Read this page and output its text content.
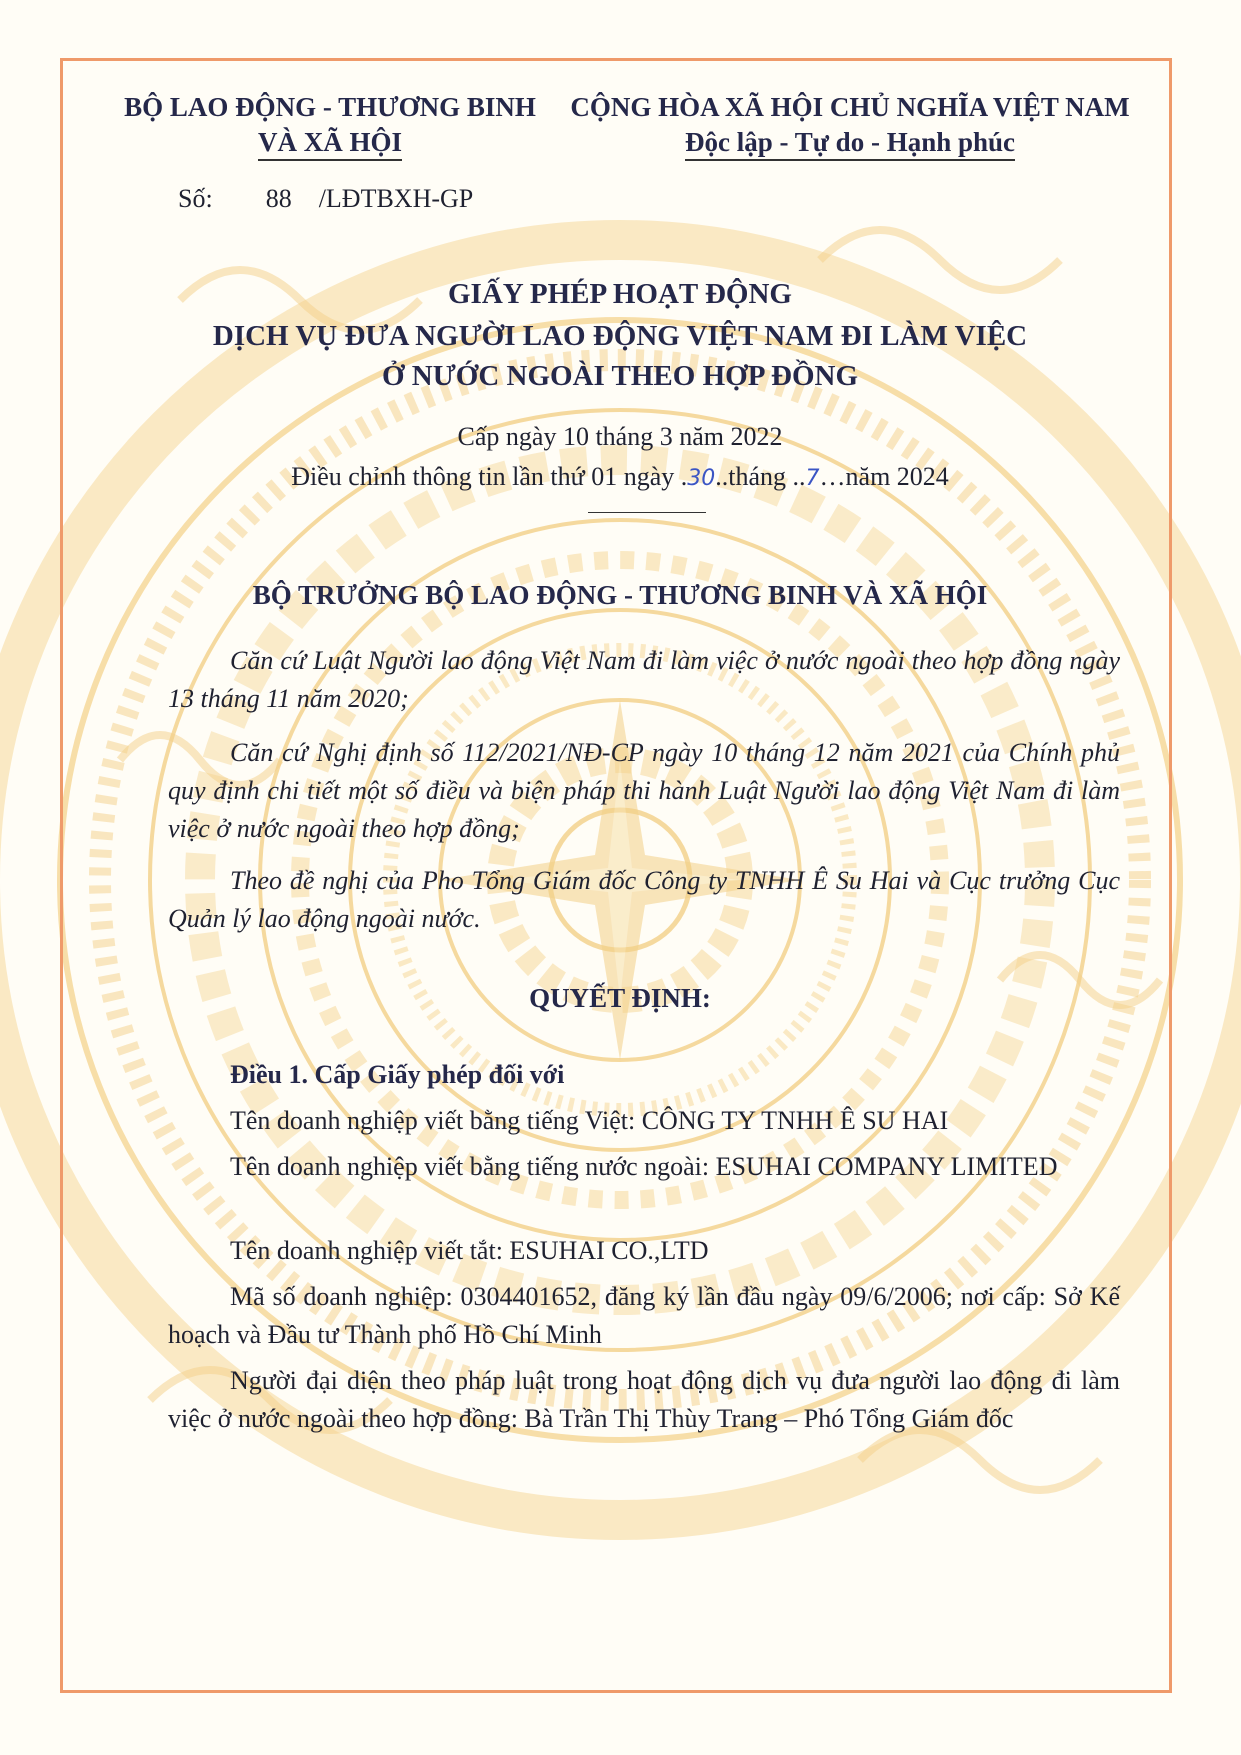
BỘ LAO ĐỘNG - THƯƠNG BINH
VÀ XÃ HỘI
CỘNG HÒA XÃ HỘI CHỦ NGHĨA VIỆT NAM
Độc lập - Tự do - Hạnh phúc
Số: 88 /LĐTBXH-GP
GIẤY PHÉP HOẠT ĐỘNG
DỊCH VỤ ĐƯA NGƯỜI LAO ĐỘNG VIỆT NAM ĐI LÀM VIỆC
Ở NƯỚC NGOÀI THEO HỢP ĐỒNG
Cấp ngày 10 tháng 3 năm 2022
Điều chỉnh thông tin lần thứ 01 ngày .30..tháng ..7…năm 2024
BỘ TRƯỞNG BỘ LAO ĐỘNG - THƯƠNG BINH VÀ XÃ HỘI
Căn cứ Luật Người lao động Việt Nam đi làm việc ở nước ngoài theo hợp đồng ngày 13 tháng 11 năm 2020;
Căn cứ Nghị định số 112/2021/NĐ-CP ngày 10 tháng 12 năm 2021 của Chính phủ quy định chi tiết một số điều và biện pháp thi hành Luật Người lao động Việt Nam đi làm việc ở nước ngoài theo hợp đồng;
Theo đề nghị của Pho Tổng Giám đốc Công ty TNHH Ê Su Hai và Cục trưởng Cục Quản lý lao động ngoài nước.
QUYẾT ĐỊNH:
Điều 1. Cấp Giấy phép đối với
Tên doanh nghiệp viết bằng tiếng Việt: CÔNG TY TNHH Ê SU HAI
Tên doanh nghiệp viết bằng tiếng nước ngoài: ESUHAI COMPANY LIMITED
Tên doanh nghiệp viết tắt: ESUHAI CO.,LTD
Mã số doanh nghiệp: 0304401652, đăng ký lần đầu ngày 09/6/2006; nơi cấp: Sở Kế hoạch và Đầu tư Thành phố Hồ Chí Minh
Người đại diện theo pháp luật trong hoạt động dịch vụ đưa người lao động đi làm việc ở nước ngoài theo hợp đồng: Bà Trần Thị Thùy Trang – Phó Tổng Giám đốc
